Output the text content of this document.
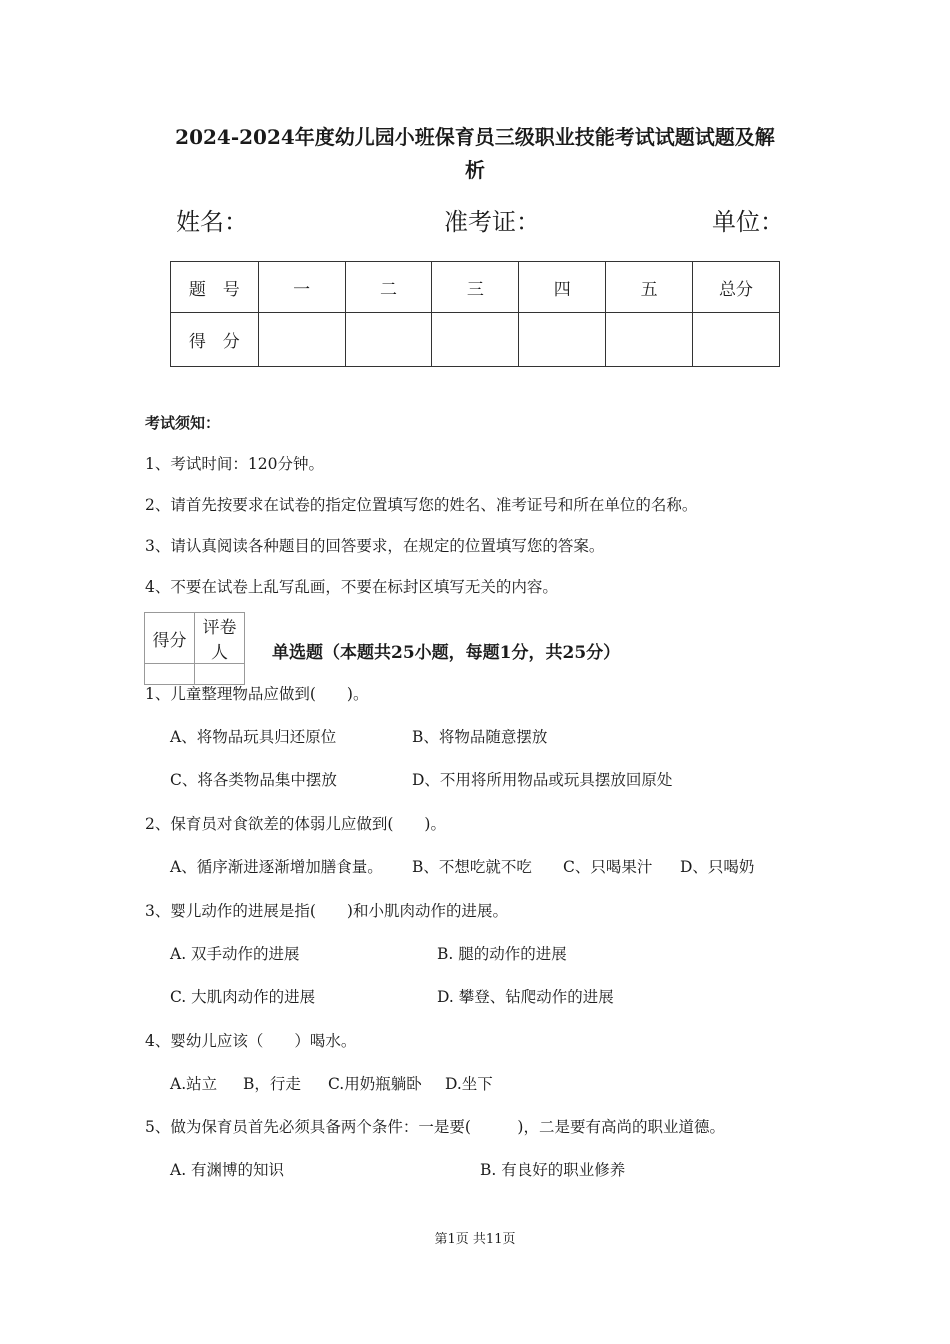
2024-2024年度幼儿园小班保育员三级职业技能考试试题试题及解
析
姓名：	准考证：	单位：
题　号	一	二	三	四	五	总分
得　分						
考试须知：
1、考试时间：120分钟。
2、请首先按要求在试卷的指定位置填写您的姓名、准考证号和所在单位的名称。
3、请认真阅读各种题目的回答要求，在规定的位置填写您的答案。
4、不要在试卷上乱写乱画，不要在标封区填写无关的内容。
得分	评卷人
		单选题（本题共25小题，每题1分，共25分）
1、儿童整理物品应做到(　　)。
A、将物品玩具归还原位	B、将物品随意摆放
C、将各类物品集中摆放	D、不用将所用物品或玩具摆放回原处
2、保育员对食欲差的体弱儿应做到(　　)。
A、循序渐进逐渐增加膳食量。 B、不想吃就不吃 C、只喝果汁 D、只喝奶
3、婴儿动作的进展是指(　　)和小肌肉动作的进展。
A. 双手动作的进展	B. 腿的动作的进展
C. 大肌肉动作的进展	D. 攀登、钻爬动作的进展
4、婴幼儿应该（　　）喝水。
A.站立 B，行走 C.用奶瓶躺卧 D.坐下
5、做为保育员首先必须具备两个条件：一是要(　　　)，二是要有高尚的职业道德。
A. 有渊博的知识	B. 有良好的职业修养
第1页 共11页
